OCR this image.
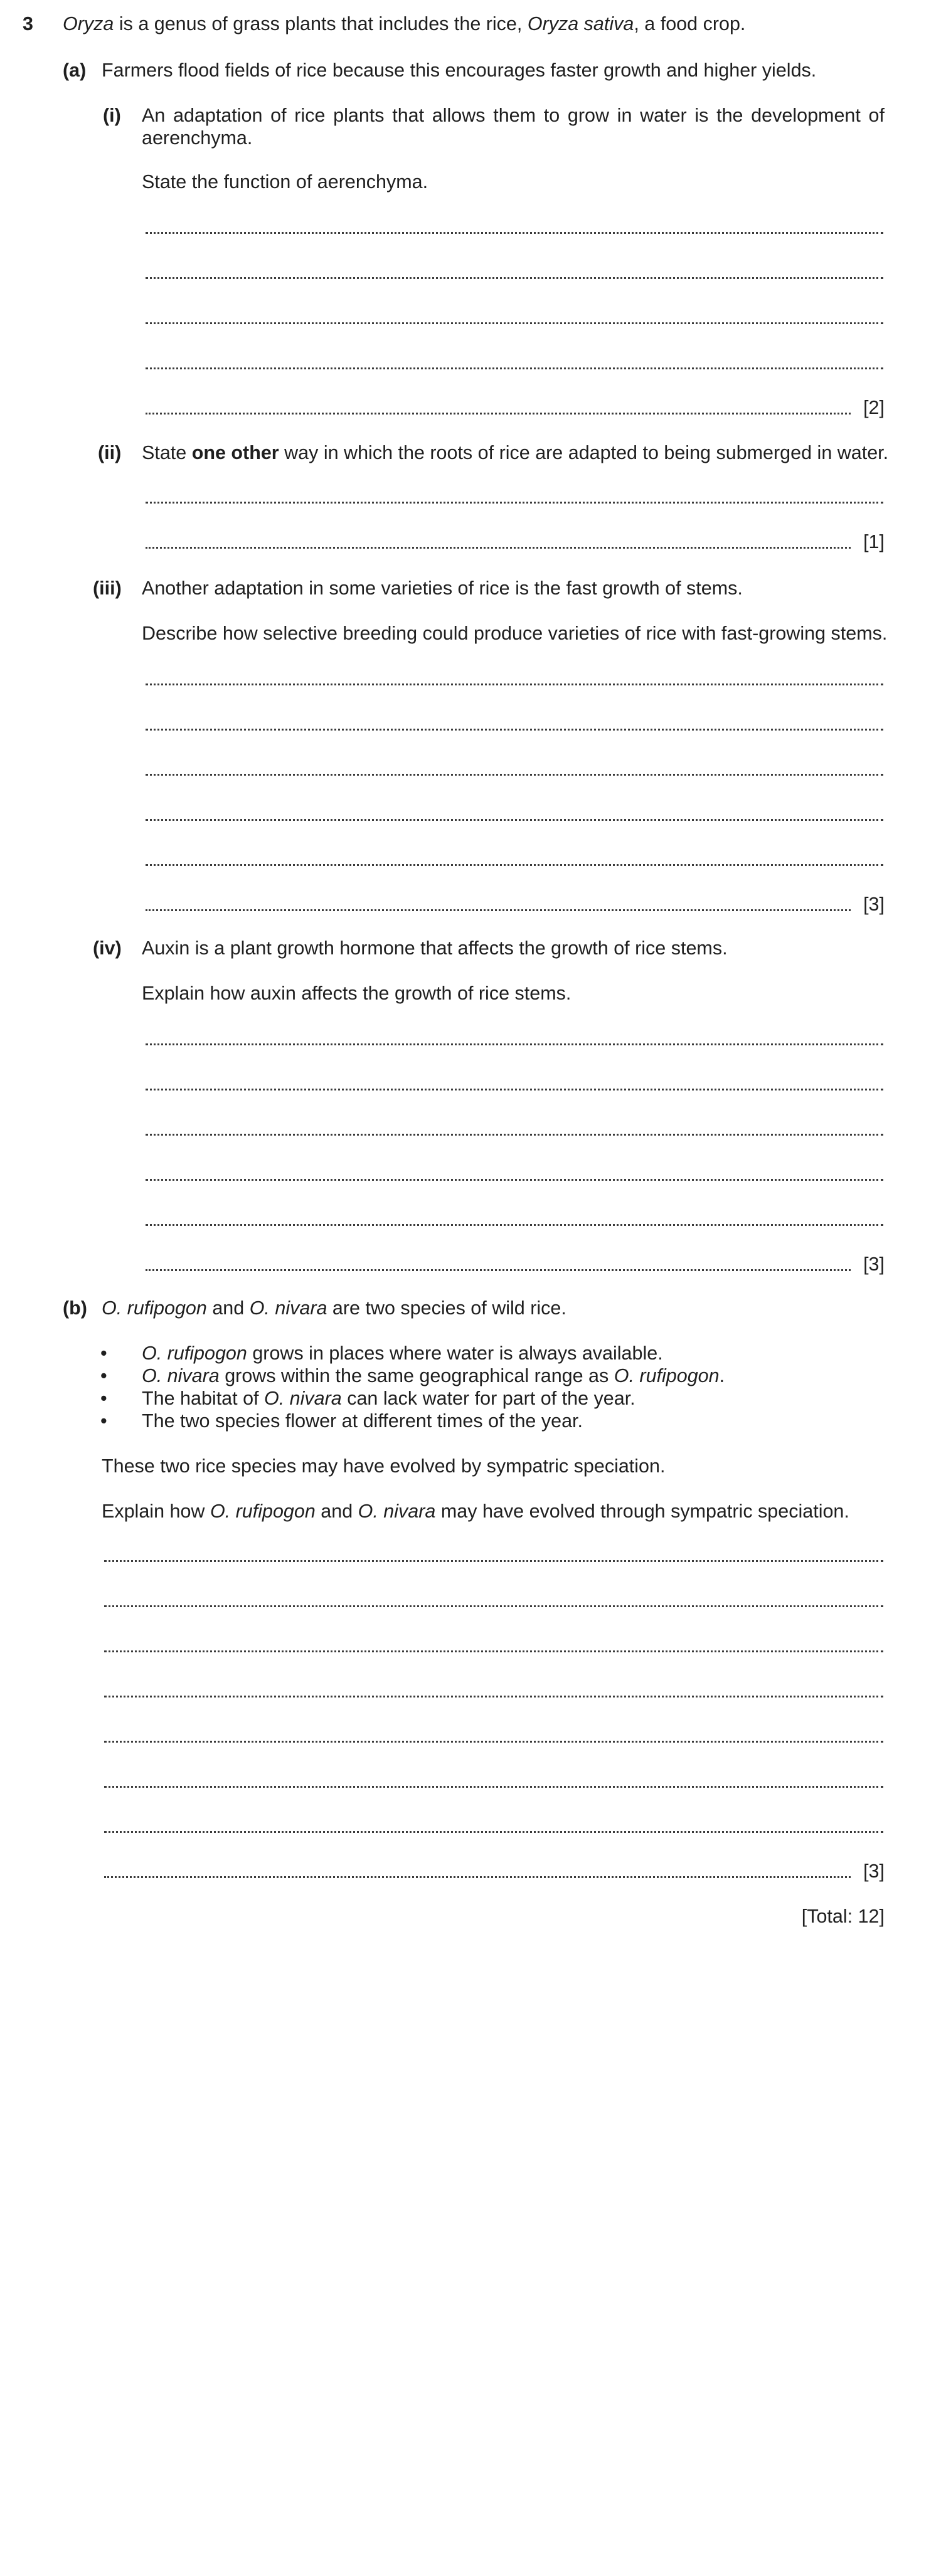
3 Oryza is a genus of grass plants that includes the rice, Oryza sativa, a food crop.
(a) Farmers flood fields of rice because this encourages faster growth and higher yields.
(i) An adaptation of rice plants that allows them to grow in water is the development of aerenchyma.
State the function of aerenchyma.
[2]
(ii) State one other way in which the roots of rice are adapted to being submerged in water.
[1]
(iii) Another adaptation in some varieties of rice is the fast growth of stems.
Describe how selective breeding could produce varieties of rice with fast-growing stems.
[3]
(iv) Auxin is a plant growth hormone that affects the growth of rice stems.
Explain how auxin affects the growth of rice stems.
[3]
(b) O. rufipogon and O. nivara are two species of wild rice.
• O. rufipogon grows in places where water is always available.
• O. nivara grows within the same geographical range as O. rufipogon.
• The habitat of O. nivara can lack water for part of the year.
• The two species flower at different times of the year.
These two rice species may have evolved by sympatric speciation.
Explain how O. rufipogon and O. nivara may have evolved through sympatric speciation.
[3]
[Total: 12]
